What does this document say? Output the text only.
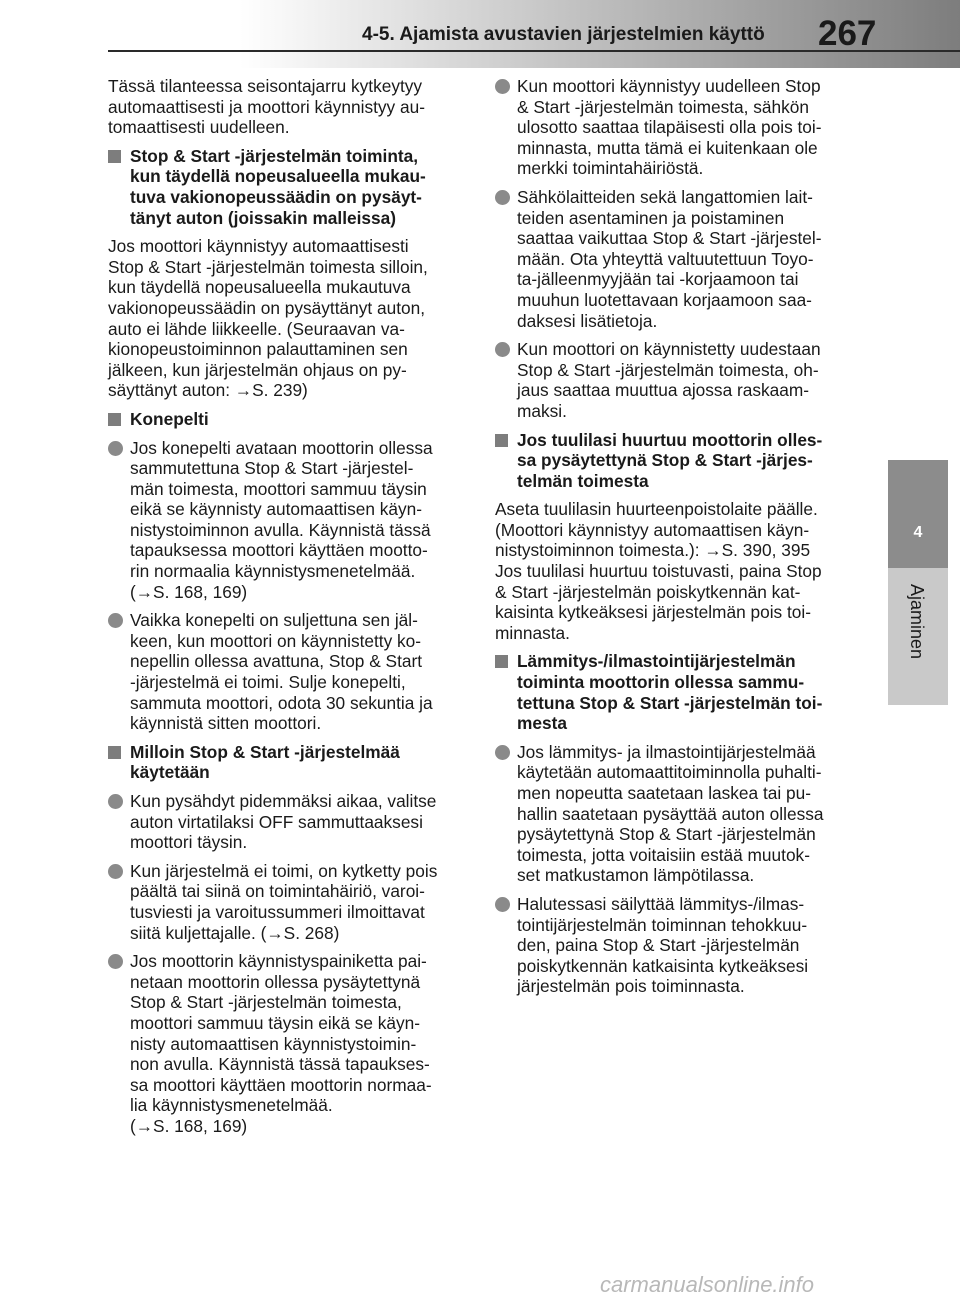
4-5. Ajamista avustavien järjestelmien käyttö 267
4
Ajaminen
Tässä tilanteessa seisontajarru kytkeytyy
automaattisesti ja moottori käynnistyy au-
tomaattisesti uudelleen.
Stop & Start -järjestelmän toiminta,
kun täydellä nopeusalueella mukau-
tuva vakionopeussäädin on pysäyt-
tänyt auton (joissakin malleissa)
Jos moottori käynnistyy automaattisesti
Stop & Start -järjestelmän toimesta silloin,
kun täydellä nopeusalueella mukautuva
vakionopeussäädin on pysäyttänyt auton,
auto ei lähde liikkeelle. (Seuraavan va-
kionopeustoiminnon palauttaminen sen
jälkeen, kun järjestelmän ohjaus on py-
säyttänyt auton: →S. 239)
Konepelti
Jos konepelti avataan moottorin ollessa
sammutettuna Stop & Start -järjestel-
män toimesta, moottori sammuu täysin
eikä se käynnisty automaattisen käyn-
nistystoiminnon avulla. Käynnistä tässä
tapauksessa moottori käyttäen mootto-
rin normaalia käynnistysmenetelmää.
(→S. 168, 169)
Vaikka konepelti on suljettuna sen jäl-
keen, kun moottori on käynnistetty ko-
nepellin ollessa avattuna, Stop & Start
-järjestelmä ei toimi. Sulje konepelti,
sammuta moottori, odota 30 sekuntia ja
käynnistä sitten moottori.
Milloin Stop & Start -järjestelmää
käytetään
Kun pysähdyt pidemmäksi aikaa, valitse
auton virtatilaksi OFF sammuttaaksesi
moottori täysin.
Kun järjestelmä ei toimi, on kytketty pois
päältä tai siinä on toimintahäiriö, varoi-
tusviesti ja varoitussummeri ilmoittavat
siitä kuljettajalle. (→S. 268)
Jos moottorin käynnistyspainiketta pai-
netaan moottorin ollessa pysäytettynä
Stop & Start -järjestelmän toimesta,
moottori sammuu täysin eikä se käyn-
nisty automaattisen käynnistystoimin-
non avulla. Käynnistä tässä tapaukses-
sa moottori käyttäen moottorin normaa-
lia käynnistysmenetelmää.
(→S. 168, 169)
Kun moottori käynnistyy uudelleen Stop
& Start -järjestelmän toimesta, sähkön
ulosotto saattaa tilapäisesti olla pois toi-
minnasta, mutta tämä ei kuitenkaan ole
merkki toimintahäiriöstä.
Sähkölaitteiden sekä langattomien lait-
teiden asentaminen ja poistaminen
saattaa vaikuttaa Stop & Start -järjestel-
mään. Ota yhteyttä valtuutettuun Toyo-
ta-jälleenmyyjään tai -korjaamoon tai
muuhun luotettavaan korjaamoon saa-
daksesi lisätietoja.
Kun moottori on käynnistetty uudestaan
Stop & Start -järjestelmän toimesta, oh-
jaus saattaa muuttua ajossa raskaam-
maksi.
Jos tuulilasi huurtuu moottorin olles-
sa pysäytettynä Stop & Start -järjes-
telmän toimesta
Aseta tuulilasin huurteenpoistolaite päälle.
(Moottori käynnistyy automaattisen käyn-
nistystoiminnon toimesta.): →S. 390, 395
Jos tuulilasi huurtuu toistuvasti, paina Stop
& Start -järjestelmän poiskytkennän kat-
kaisinta kytkeäksesi järjestelmän pois toi-
minnasta.
Lämmitys-/ilmastointijärjestelmän
toiminta moottorin ollessa sammu-
tettuna Stop & Start -järjestelmän toi-
mesta
Jos lämmitys- ja ilmastointijärjestelmää
käytetään automaattitoiminnolla puhalti-
men nopeutta saatetaan laskea tai pu-
hallin saatetaan pysäyttää auton ollessa
pysäytettynä Stop & Start -järjestelmän
toimesta, jotta voitaisiin estää muutok-
set matkustamon lämpötilassa.
Halutessasi säilyttää lämmitys-/ilmas-
tointijärjestelmän toiminnan tehokkuu-
den, paina Stop & Start -järjestelmän
poiskytkennän katkaisinta kytkeäksesi
järjestelmän pois toiminnasta.
carmanualsonline.info
